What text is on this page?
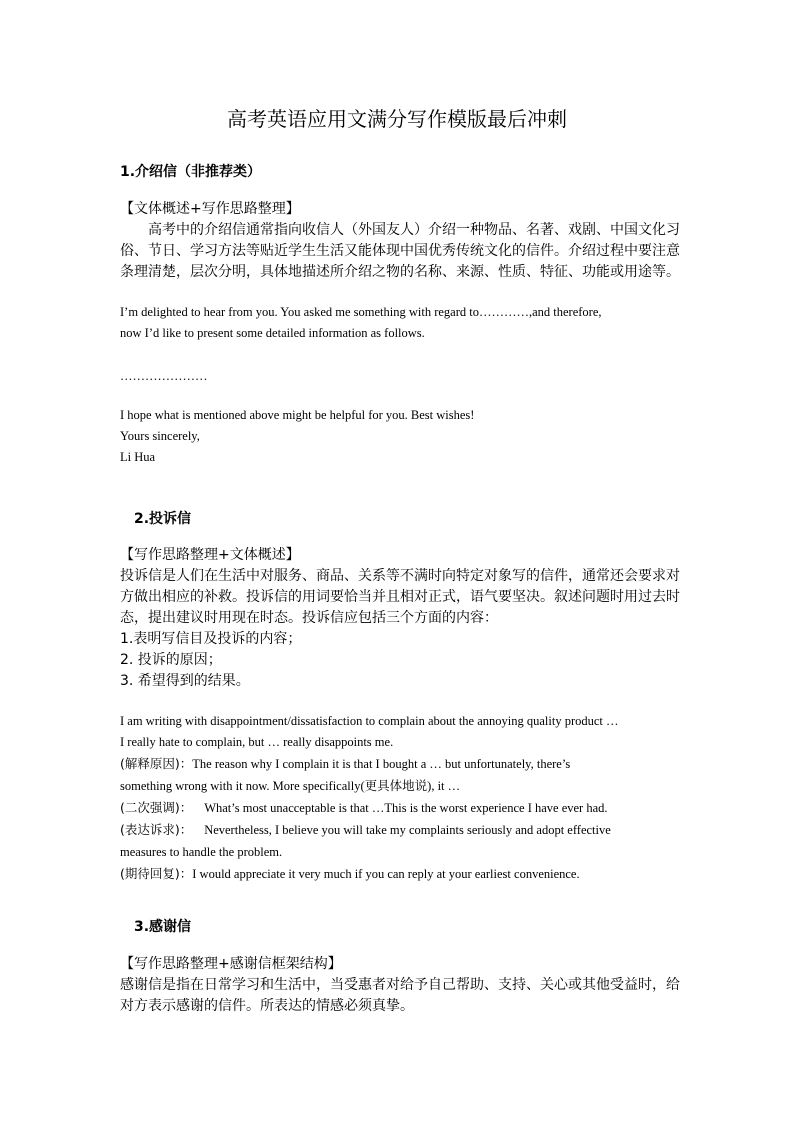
高考英语应用文满分写作模版最后冲刺
1.介绍信（非推荐类）
【文体概述+写作思路整理】
高考中的介绍信通常指向收信人（外国友人）介绍一种物品、名著、戏剧、中国文化习
俗、节日、学习方法等贴近学生生活又能体现中国优秀传统文化的信件。介绍过程中要注意
条理清楚，层次分明，具体地描述所介绍之物的名称、来源、性质、特征、功能或用途等。
I’m delighted to hear from you. You asked me something with regard to…………,and therefore,
now I’d like to present some detailed information as follows.
…………………
I hope what is mentioned above might be helpful for you. Best wishes!
Yours sincerely,
Li Hua
2.投诉信
【写作思路整理+文体概述】
投诉信是人们在生活中对服务、商品、关系等不满时向特定对象写的信件，通常还会要求对
方做出相应的补救。投诉信的用词要恰当并且相对正式，语气要坚决。叙述问题时用过去时
态，提出建议时用现在时态。投诉信应包括三个方面的内容：
1.表明写信目及投诉的内容；
2. 投诉的原因；
3. 希望得到的结果。
I am writing with disappointment/dissatisfaction to complain about the annoying quality product …
I really hate to complain, but … really disappoints me.
(解释原因)：The reason why I complain it is that I bought a … but unfortunately, there’s
something wrong with it now. More specifically(更具体地说), it …
(二次强调)： What’s most unacceptable is that …This is the worst experience I have ever had.
(表达诉求)： Nevertheless, I believe you will take my complaints seriously and adopt effective
measures to handle the problem.
(期待回复)：I would appreciate it very much if you can reply at your earliest convenience.
3.感谢信
【写作思路整理+感谢信框架结构】
感谢信是指在日常学习和生活中，当受惠者对给予自己帮助、支持、关心或其他受益时，给
对方表示感谢的信件。所表达的情感必须真挚。
